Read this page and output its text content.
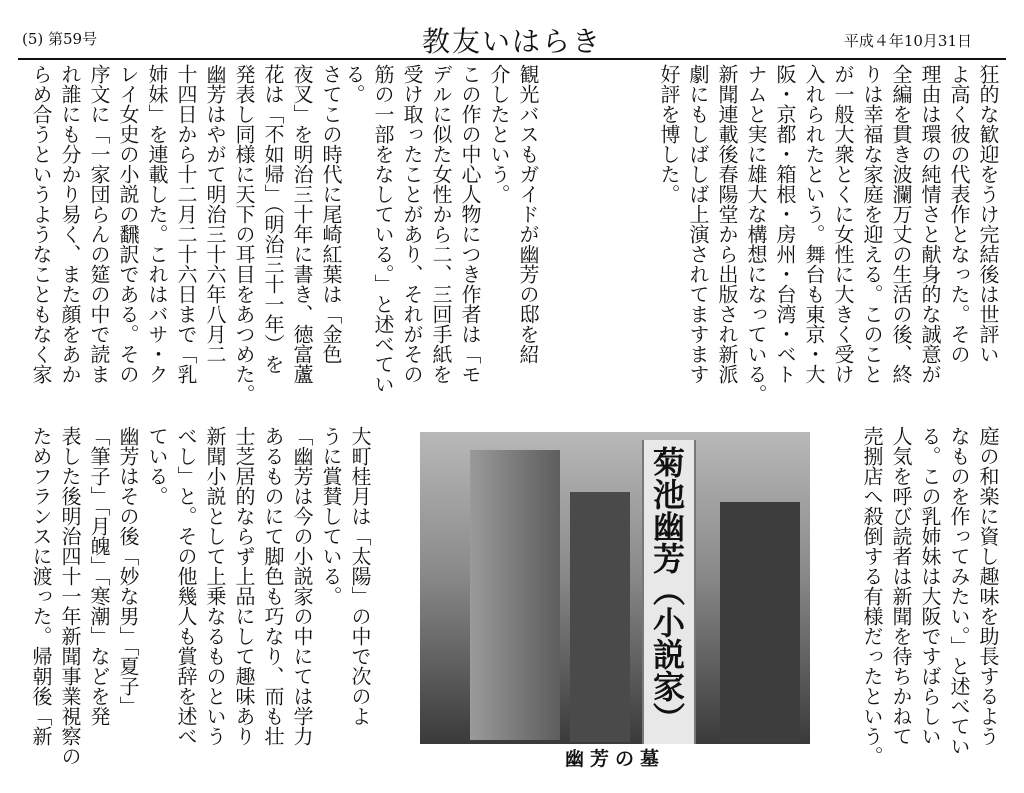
(5) 第59号	教友いはらき	平成４年10月31日
狂的な歓迎をうけ完結後は世評い
よ高く彼の代表作となった。その
理由は環の純情さと献身的な誠意が
全編を貫き波瀾万丈の生活の後、終
りは幸福な家庭を迎える。このこと
が一般大衆とくに女性に大きく受け
入れられたという。舞台も東京・大
阪・京都・箱根・房州・台湾・ベト
ナムと実に雄大な構想になっている。
新聞連載後春陽堂から出版され新派
劇にもしばしば上演されてますます
好評を博した。
観光バスもガイドが幽芳の邸を紹
介したという。
この作の中心人物につき作者は「モ
デルに似た女性から二、三回手紙を
受け取ったことがあり、それがその
筋の一部をなしている。」と述べてい
る。
さてこの時代に尾崎紅葉は「金色
夜叉」を明治三十年に書き、徳富蘆
花は「不如帰」（明治三十一年）を
発表し同様に天下の耳目をあつめた。
幽芳はやがて明治三十六年八月二
十四日から十二月二十六日まで「乳
姉妹」を連載した。これはバサ・ク
レイ女史の小説の飜訳である。その
序文に「一家団らんの筵の中で読ま
れ誰にも分かり易く、また顔をあか
らめ合うというようなこともなく家
庭の和楽に資し趣味を助長するよう
なものを作ってみたい。」と述べてい
る。この乳姉妹は大阪ですばらしい
人気を呼び読者は新聞を待ちかねて
売捌店へ殺倒する有様だったという。
大町桂月は「太陽」の中で次のよ
うに賞賛している。
「幽芳は今の小説家の中にては学力
あるものにて脚色も巧なり、而も壮
士芝居的ならず上品にして趣味あり
新聞小説として上乗なるものという
べし」と。その他幾人も賞辞を述べ
ている。
幽芳はその後「妙な男」「夏子」
「筆子」「月魄」「寒潮」などを発
表した後明治四十一年新聞事業視察の
ためフランスに渡った。帰朝後「新	菊池幽芳（小説家）
幽芳の墓
